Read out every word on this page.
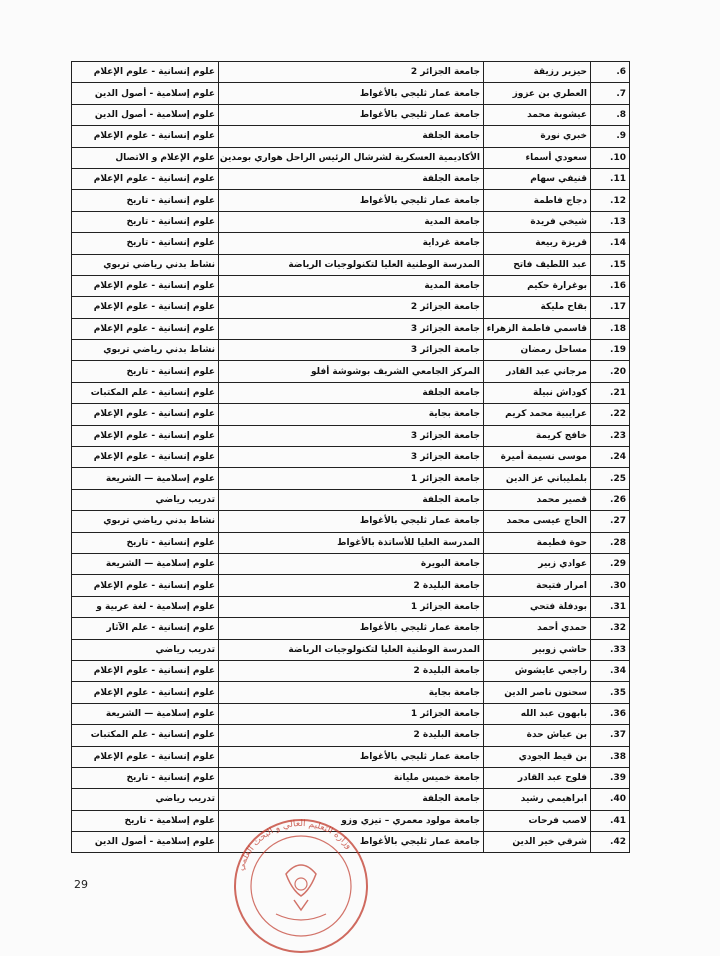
.6	حيزير رزيقة	جامعة الجزائر 2	علوم إنسانية - علوم الإعلام
.7	العطري بن عزوز	جامعة عمار ثليجي بالأغواط	علوم إسلامية - أصول الدين
.8	عيشوبة محمد	جامعة عمار ثليجي بالأغواط	علوم إسلامية - أصول الدين
.9	خبري نورة	جامعة الجلفة	علوم إنسانية - علوم الإعلام
.10	سعودي أسماء	الأكاديمية العسكرية لشرشال الرئيس الراحل هواري بومدين	علوم الإعلام و الاتصال
.11	قنيفي سهام	جامعة الجلفة	علوم إنسانية - علوم الإعلام
.12	دجاج فاطمة	جامعة عمار ثليجي بالأغواط	علوم إنسانية - تاريخ
.13	شيخي فريدة	جامعة المدية	علوم إنسانية - تاريخ
.14	قريزة ربيعة	جامعة غرداية	علوم إنسانية - تاريخ
.15	عبد اللطيف فاتح	المدرسة الوطنية العليا لتكنولوجيات الرياضة	نشاط بدني رياضي تربوي
.16	بوغرارة حكيم	جامعة المدية	علوم إنسانية - علوم الإعلام
.17	بقاح مليكة	جامعة الجزائر 2	علوم إنسانية - علوم الإعلام
.18	قاسمي فاطمة الزهراء	جامعة الجزائر 3	علوم إنسانية - علوم الإعلام
.19	مساحل رمضان	جامعة الجزائر 3	نشاط بدني رياضي تربوي
.20	مرجاني عبد القادر	المركز الجامعي الشريف بوشوشة أفلو	علوم إنسانية - تاريخ
.21	كوداش نبيلة	جامعة الجلفة	علوم إنسانية - علم المكتبات
.22	عرايبية محمد كريم	جامعة بجاية	علوم إنسانية - علوم الإعلام
.23	خافج كريمة	جامعة الجزائر 3	علوم إنسانية - علوم الإعلام
.24	موسى نسيمة أميرة	جامعة الجزائر 3	علوم إنسانية - علوم الإعلام
.25	بلمليباني عز الدين	جامعة الجزائر 1	علوم إسلامية — الشريعة
.26	قصير محمد	جامعة الجلفة	تدريب رياضي
.27	الحاج عيسى محمد	جامعة عمار ثليجي بالأغواط	نشاط بدني رياضي تربوي
.28	حوة فطيمة	المدرسة العليا للأساتذة بالأغواط	علوم إنسانية - تاريخ
.29	عوادي زبير	جامعة البويرة	علوم إسلامية — الشريعة
.30	امرار فتيحة	جامعة البليدة 2	علوم إنسانية - علوم الإعلام
.31	بودفلة فتحي	جامعة الجزائر 1	علوم إسلامية - لغة عربية و
.32	حمدي أحمد	جامعة عمار ثليجي بالأغواط	علوم إنسانية - علم الآثار
.33	حاشي زوبير	المدرسة الوطنية العليا لتكنولوجيات الرياضة	تدريب رياضي
.34	راجعي عايشوش	جامعة البليدة 2	علوم إنسانية - علوم الإعلام
.35	سحنون ناصر الدين	جامعة بجاية	علوم إنسانية - علوم الإعلام
.36	بابهون عبد الله	جامعة الجزائر 1	علوم إسلامية — الشريعة
.37	بن عياش حدة	جامعة البليدة 2	علوم إنسانية - علم المكتبات
.38	بن قيط الجودي	جامعة عمار ثليجي بالأغواط	علوم إنسانية - علوم الإعلام
.39	فلوح عبد القادر	جامعة خميس مليانة	علوم إنسانية - تاريخ
.40	ابراهيمي رشيد	جامعة الجلفة	تدريب رياضي
.41	لاصب فرحات	جامعة مولود معمري – تيزي وزو	علوم إسلامية - تاريخ
.42	شرقي خير الدين	جامعة عمار ثليجي بالأغواط	علوم إسلامية - أصول الدين
29
وزارة التعليم العالي و البحث العلمي
